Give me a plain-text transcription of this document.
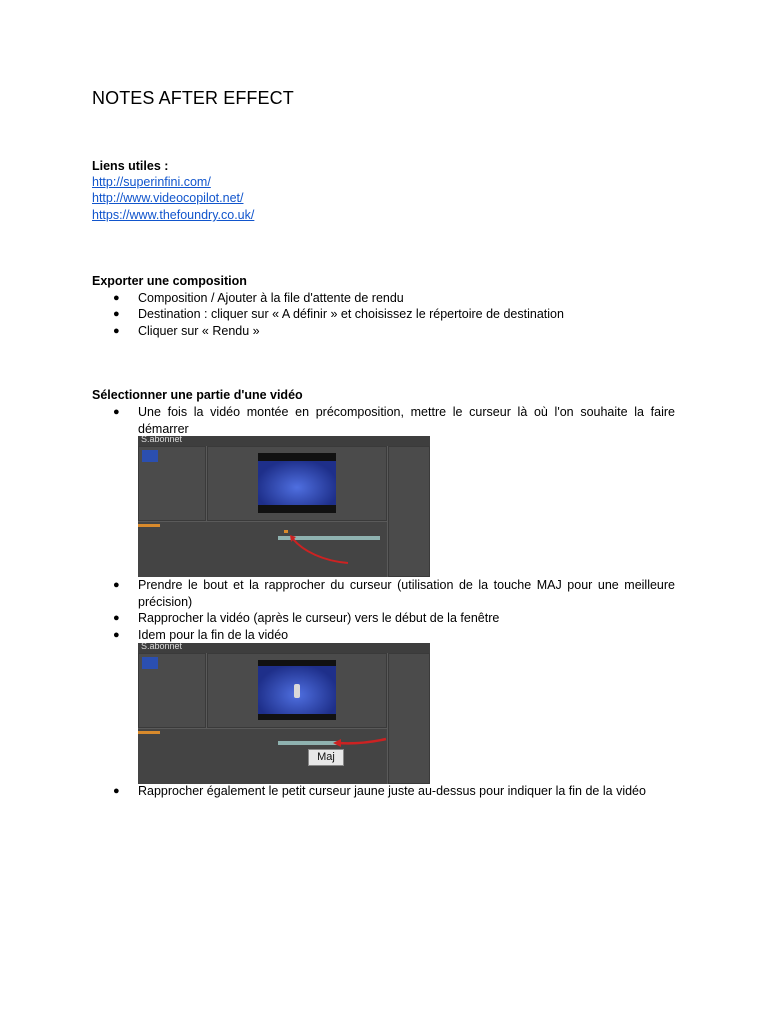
NOTES AFTER EFFECT
Liens utiles :
http://superinfini.com/
http://www.videocopilot.net/
https://www.thefoundry.co.uk/
Exporter une composition
● Composition / Ajouter à la file d'attente de rendu
● Destination : cliquer sur « A définir » et choisissez le répertoire de destination
● Cliquer sur « Rendu »
Sélectionner une partie d'une vidéo
● Une fois la vidéo montée en précomposition, mettre le curseur là où l'on souhaite la faire démarrer
S.abonnet
● Prendre le bout et la rapprocher du curseur (utilisation de la touche MAJ pour une meilleure précision)
● Rapprocher la vidéo (après le curseur) vers le début de la fenêtre
● Idem pour la fin de la vidéo
S.abonnet
Maj
● Rapprocher également le petit curseur jaune juste au-dessus pour indiquer la fin de la vidéo
